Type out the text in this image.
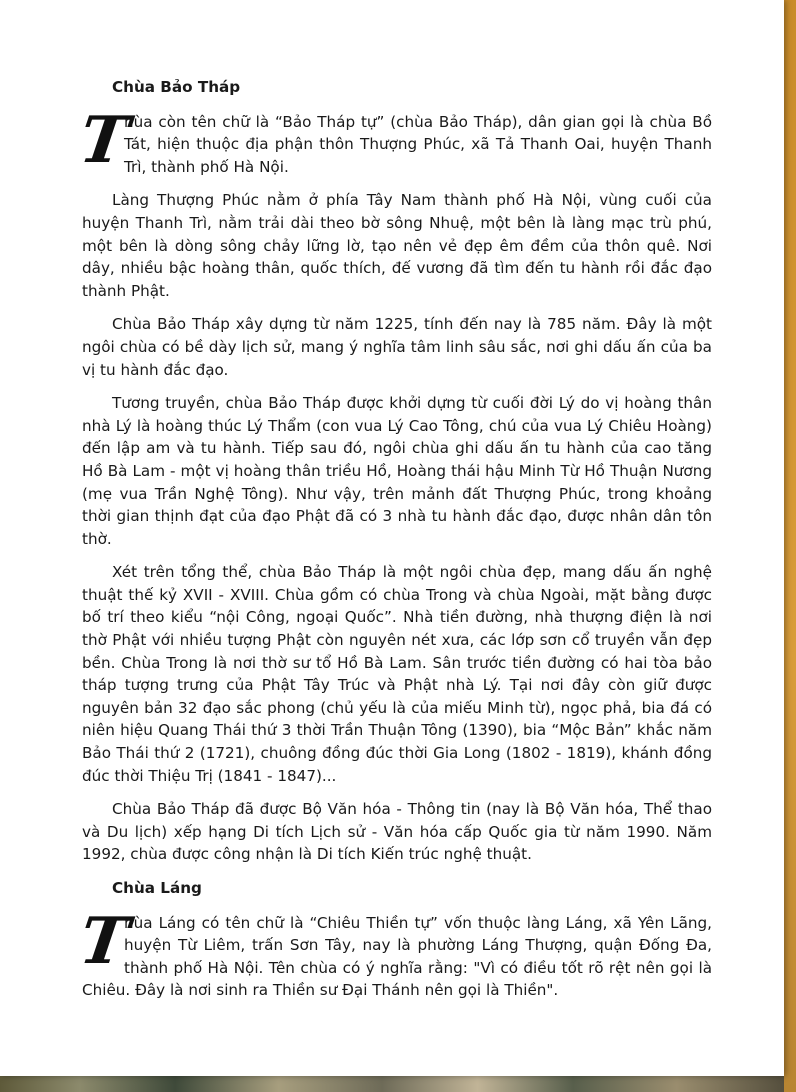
Chùa Bảo Tháp
T
hùa còn tên chữ là “Bảo Tháp tự” (chùa Bảo Tháp), dân gian gọi là chùa Bồ Tát, hiện thuộc địa phận thôn Thượng Phúc, xã Tả Thanh Oai, huyện Thanh Trì, thành phố Hà Nội.

Làng Thượng Phúc nằm ở phía Tây Nam thành phố Hà Nội, vùng cuối của huyện Thanh Trì, nằm trải dài theo bờ sông Nhuệ, một bên là làng mạc trù phú, một bên là dòng sông chảy lững lờ, tạo nên vẻ đẹp êm đềm của thôn quê. Nơi dây, nhiều bậc hoàng thân, quốc thích, đế vương đã tìm đến tu hành rồi đắc đạo thành Phật.

Chùa Bảo Tháp xây dựng từ năm 1225, tính đến nay là 785 năm. Đây là một ngôi chùa có bề dày lịch sử, mang ý nghĩa tâm linh sâu sắc, nơi ghi dấu ấn của ba vị tu hành đắc đạo.

Tương truyền, chùa Bảo Tháp được khởi dựng từ cuối đời Lý do vị hoàng thân nhà Lý là hoàng thúc Lý Thẩm (con vua Lý Cao Tông, chú của vua Lý Chiêu Hoàng) đến lập am và tu hành. Tiếp sau đó, ngôi chùa ghi dấu ấn tu hành của cao tăng Hồ Bà Lam - một vị hoàng thân triều Hồ, Hoàng thái hậu Minh Từ Hồ Thuận Nương (mẹ vua Trần Nghệ Tông). Như vậy, trên mảnh đất Thượng Phúc, trong khoảng thời gian thịnh đạt của đạo Phật đã có 3 nhà tu hành đắc đạo, được nhân dân tôn thờ.

Xét trên tổng thể, chùa Bảo Tháp là một ngôi chùa đẹp, mang dấu ấn nghệ thuật thế kỷ XVII - XVIII. Chùa gồm có chùa Trong và chùa Ngoài, mặt bằng được bố trí theo kiểu “nội Công, ngoại Quốc”. Nhà tiền đường, nhà thượng điện là nơi thờ Phật với nhiều tượng Phật còn nguyên nét xưa, các lớp sơn cổ truyền vẫn đẹp bền. Chùa Trong là nơi thờ sư tổ Hồ Bà Lam. Sân trước tiền đường có hai tòa bảo tháp tượng trưng của Phật Tây Trúc và Phật nhà Lý. Tại nơi đây còn giữ được nguyên bản 32 đạo sắc phong (chủ yếu là của miếu Minh từ), ngọc phả, bia đá có niên hiệu Quang Thái thứ 3 thời Trần Thuận Tông (1390), bia “Mộc Bản” khắc năm Bảo Thái thứ 2 (1721), chuông đồng đúc thời Gia Long (1802 - 1819), khánh đồng đúc thời Thiệu Trị (1841 - 1847)...

Chùa Bảo Tháp đã được Bộ Văn hóa - Thông tin (nay là Bộ Văn hóa, Thể thao và Du lịch) xếp hạng Di tích Lịch sử - Văn hóa cấp Quốc gia từ năm 1990. Năm 1992, chùa được công nhận là Di tích Kiến trúc nghệ thuật.

Chùa Láng
T
hùa Láng có tên chữ là “Chiêu Thiền tự” vốn thuộc làng Láng, xã Yên Lãng, huyện Từ Liêm, trấn Sơn Tây, nay là phường Láng Thượng, quận Đống Đa, thành phố Hà Nội. Tên chùa có ý nghĩa rằng: "Vì có điều tốt rõ rệt nên gọi là Chiêu. Đây là nơi sinh ra Thiền sư Đại Thánh nên gọi là Thiền".
